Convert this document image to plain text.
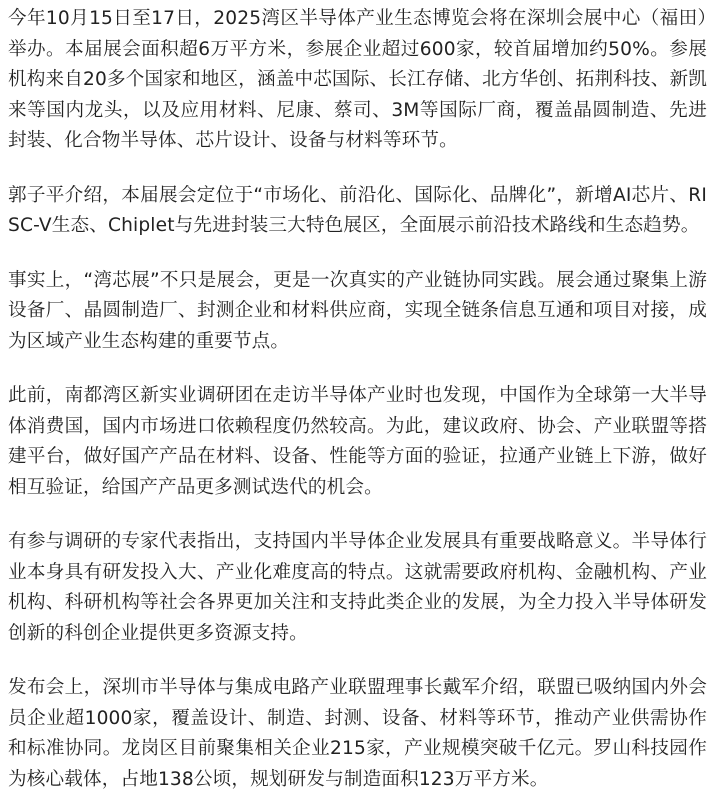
今年10月15日至17日，2025湾区半导体产业生态博览会将在深圳会展中心（福田）举办。本届展会面积超6万平方米，参展企业超过600家，较首届增加约50%。参展机构来自20多个国家和地区，涵盖中芯国际、长江存储、北方华创、拓荆科技、新凯来等国内龙头，以及应用材料、尼康、蔡司、3M等国际厂商，覆盖晶圆制造、先进封装、化合物半导体、芯片设计、设备与材料等环节。

郭子平介绍，本届展会定位于“市场化、前沿化、国际化、品牌化”，新增AI芯片、RISC-V生态、Chiplet与先进封装三大特色展区，全面展示前沿技术路线和生态趋势。

事实上，“湾芯展”不只是展会，更是一次真实的产业链协同实践。展会通过聚集上游设备厂、晶圆制造厂、封测企业和材料供应商，实现全链条信息互通和项目对接，成为区域产业生态构建的重要节点。

此前，南都湾区新实业调研团在走访半导体产业时也发现，中国作为全球第一大半导体消费国，国内市场进口依赖程度仍然较高。为此，建议政府、协会、产业联盟等搭建平台，做好国产产品在材料、设备、性能等方面的验证，拉通产业链上下游，做好相互验证，给国产产品更多测试迭代的机会。

有参与调研的专家代表指出，支持国内半导体企业发展具有重要战略意义。半导体行业本身具有研发投入大、产业化难度高的特点。这就需要政府机构、金融机构、产业机构、科研机构等社会各界更加关注和支持此类企业的发展，为全力投入半导体研发创新的科创企业提供更多资源支持。

发布会上，深圳市半导体与集成电路产业联盟理事长戴军介绍，联盟已吸纳国内外会员企业超1000家，覆盖设计、制造、封测、设备、材料等环节，推动产业供需协作和标准协同。龙岗区目前聚集相关企业215家，产业规模突破千亿元。罗山科技园作为核心载体，占地138公顷，规划研发与制造面积123万平方米。
